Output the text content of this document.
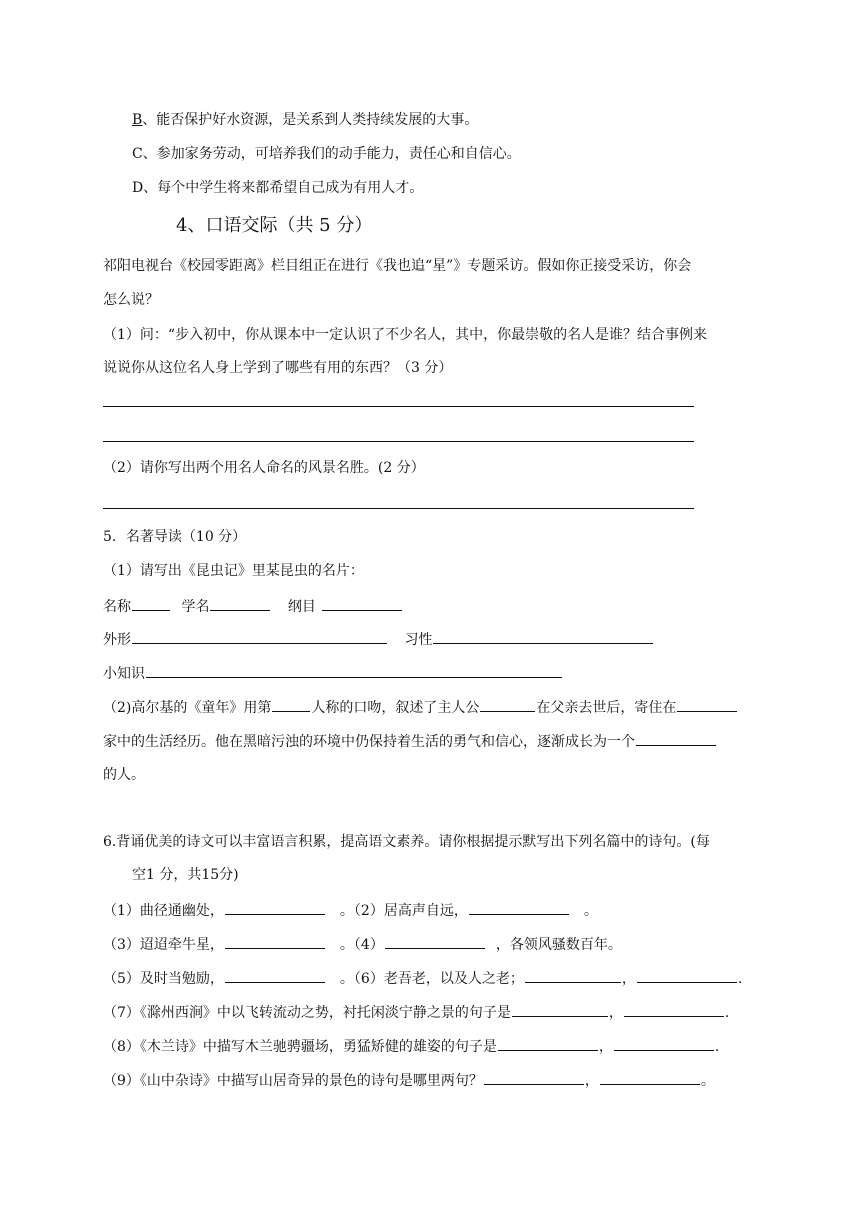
B、能否保护好水资源，是关系到人类持续发展的大事。
C、参加家务劳动，可培养我们的动手能力，责任心和自信心。
D、每个中学生将来都希望自己成为有用人才。
4、口语交际（共 5 分）
祁阳电视台《校园零距离》栏目组正在进行《我也追“星”》专题采访。假如你正接受采访，你会
怎么说？
（1）问：“步入初中，你从课本中一定认识了不少名人，其中，你最崇敬的名人是谁？结合事例来
说说你从这位名人身上学到了哪些有用的东西？（3 分）
（2）请你写出两个用名人命名的风景名胜。(2 分）
5．名著导读（10 分）
（1）请写出《昆虫记》里某昆虫的名片：
名称	学名	纲目
外形	习性
小知识
（2)高尔基的《童年》用第	人称的口吻，叙述了主人公	在父亲去世后，寄住在
家中的生活经历。他在黑暗污浊的环境中仍保持着生活的勇气和信心，逐渐成长为一个
的人。
6.背诵优美的诗文可以丰富语言积累，提高语文素养。请你根据提示默写出下列名篇中的诗句。(每
空1 分，共15分)
（1）曲径通幽处，	。（2）居高声自远，	。
（3）迢迢牵牛星，	。（4）	，各领风骚数百年。
（5）及时当勉励，	。（6）老吾老，以及人之老；	，	.
（7）《滁州西涧》中以飞转流动之势，衬托闲淡宁静之景的句子是	，	.
（8）《木兰诗》中描写木兰驰骋疆场，勇猛矫健的雄姿的句子是	，	.
（9）《山中杂诗》中描写山居奇异的景色的诗句是哪里两句？	，	。
